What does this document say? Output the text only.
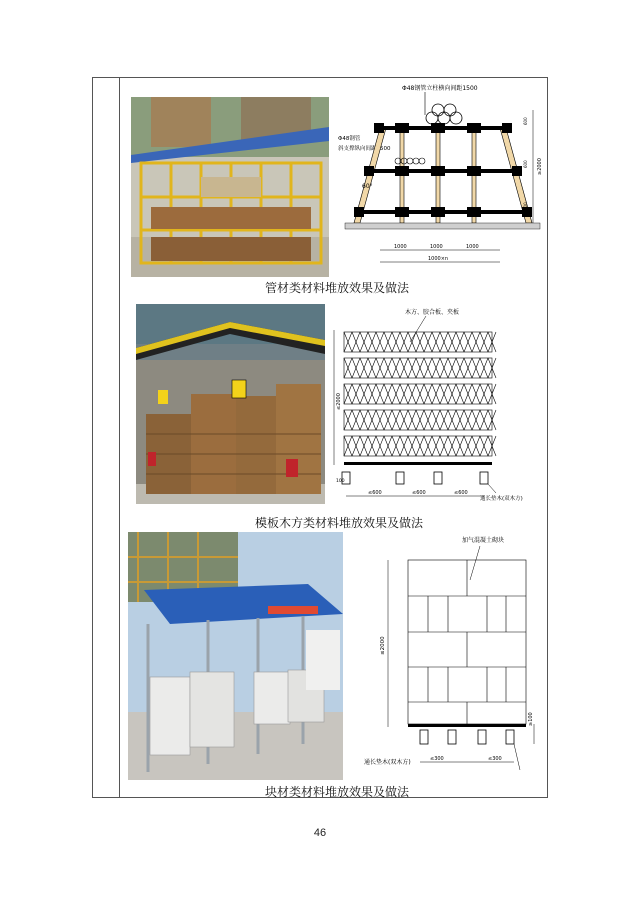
Φ48钢管立柱横向间距1500
Φ48钢管
斜支撑纵向间距1500
60°
600
600
600
≥2000
1000	1000	1000
1000×n
管材类材料堆放效果及做法
木方、胶合板、夹板
≤2000
100
≤600	≤600	≤600
通长垫木(双木方)
模板木方类材料堆放效果及做法
加气混凝土砌块
≤2000
≥100
≤300	≤300
通长垫木(双木方)
块材类材料堆放效果及做法
46
